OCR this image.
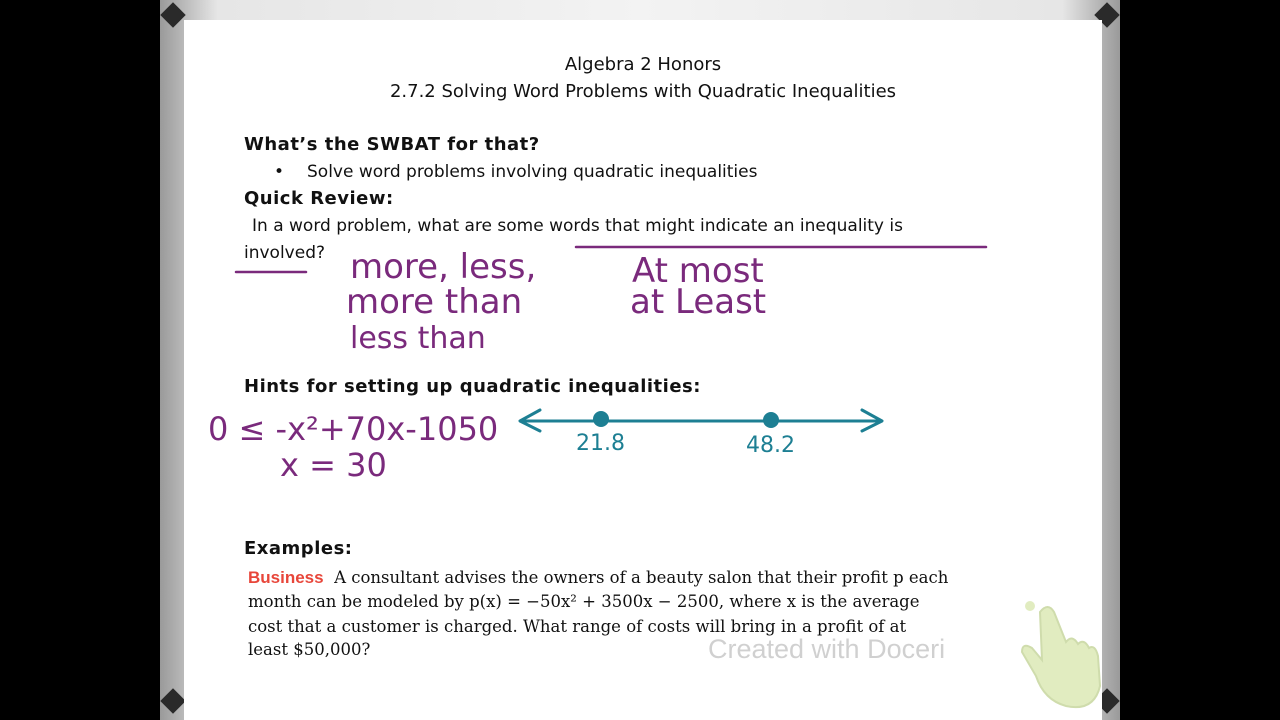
Algebra 2 Honors
2.7.2 Solving Word Problems with Quadratic Inequalities
What’s the SWBAT for that?
• Solve word problems involving quadratic inequalities
Quick Review:
In a word problem, what are some words that might indicate an inequality is
involved?
Hints for setting up quadratic inequalities:
Examples:
Business A consultant advises the owners of a beauty salon that their profit p each
month can be modeled by p(x) = −50x² + 3500x − 2500, where x is the average
cost that a customer is charged. What range of costs will bring in a profit of at
least $50,000?
more, less,
more than
less than
At most
at Least
0 ≤ -x²+70x-1050
x = 30
21.8	48.2
Created with Doceri
